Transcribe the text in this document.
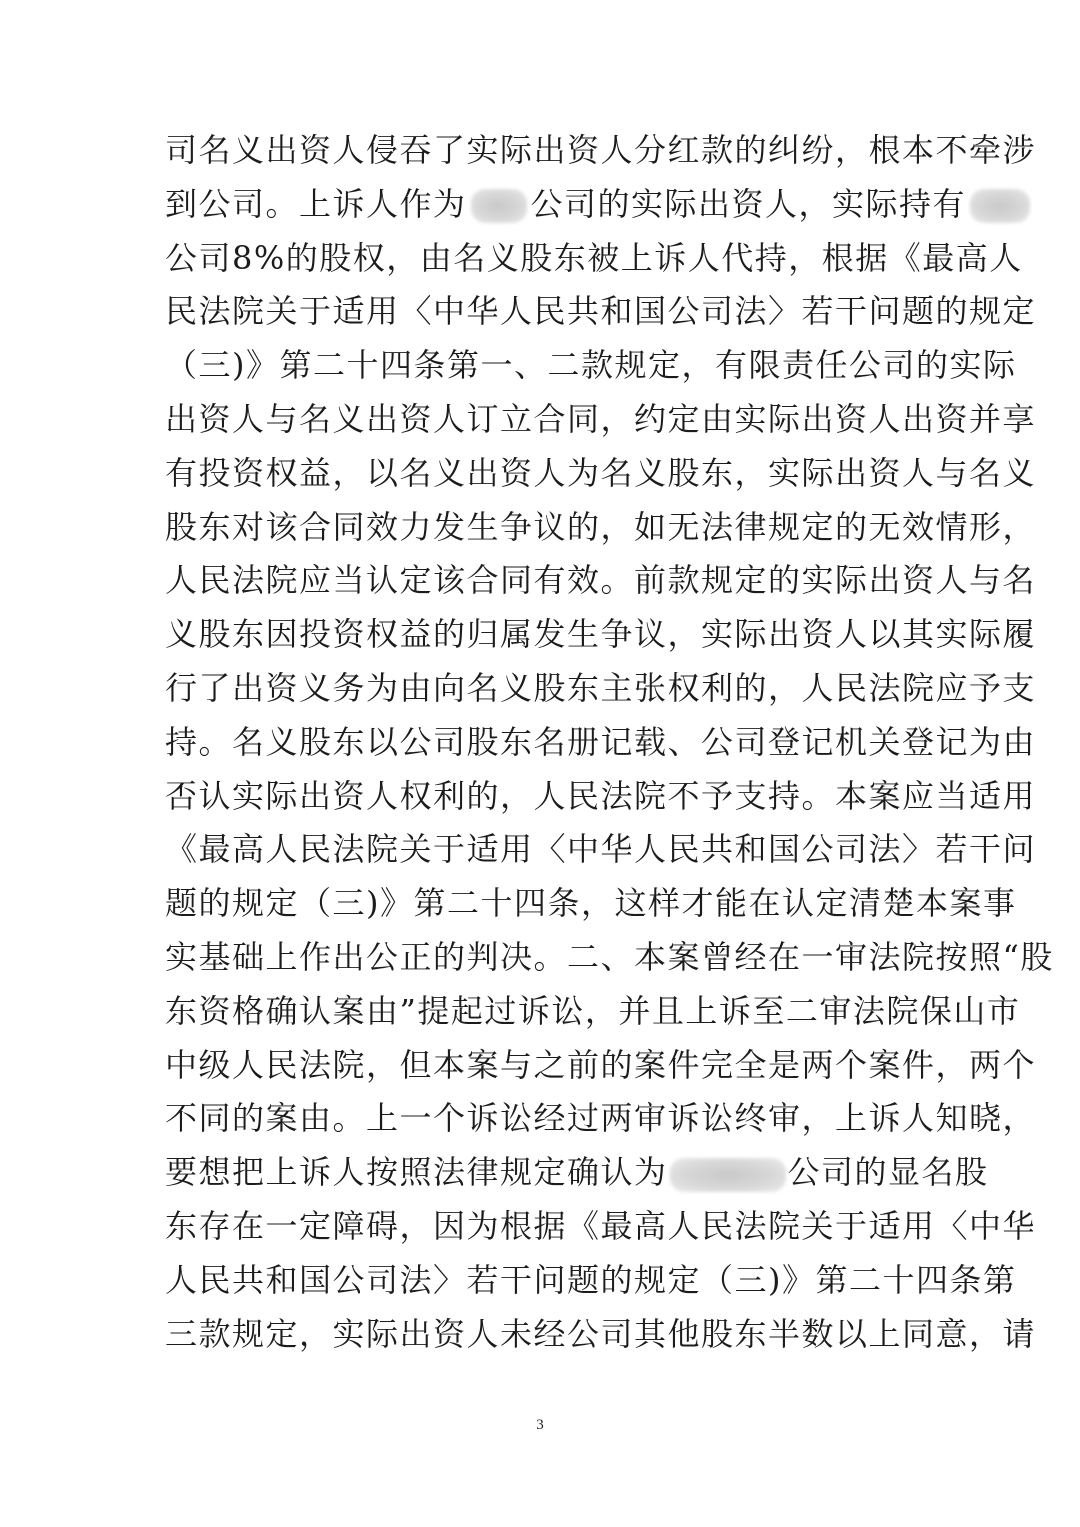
司名义出资人侵吞了实际出资人分红款的纠纷，根本不牵涉
到公司。上诉人作为 公司的实际出资人，实际持有
公司8%的股权，由名义股东被上诉人代持，根据《最高人
民法院关于适用〈中华人民共和国公司法〉若干问题的规定
（三)》第二十四条第一、二款规定，有限责任公司的实际
出资人与名义出资人订立合同，约定由实际出资人出资并享
有投资权益，以名义出资人为名义股东，实际出资人与名义
股东对该合同效力发生争议的，如无法律规定的无效情形，
人民法院应当认定该合同有效。前款规定的实际出资人与名
义股东因投资权益的归属发生争议，实际出资人以其实际履
行了出资义务为由向名义股东主张权利的，人民法院应予支
持。名义股东以公司股东名册记载、公司登记机关登记为由
否认实际出资人权利的，人民法院不予支持。本案应当适用
《最高人民法院关于适用〈中华人民共和国公司法〉若干问
题的规定（三)》第二十四条，这样才能在认定清楚本案事
实基础上作出公正的判决。二、本案曾经在一审法院按照“股
东资格确认案由”提起过诉讼，并且上诉至二审法院保山市
中级人民法院，但本案与之前的案件完全是两个案件，两个
不同的案由。上一个诉讼经过两审诉讼终审，上诉人知晓，
要想把上诉人按照法律规定确认为	公司的显名股
东存在一定障碍，因为根据《最高人民法院关于适用〈中华
人民共和国公司法〉若干问题的规定（三)》第二十四条第
三款规定，实际出资人未经公司其他股东半数以上同意，请
3
